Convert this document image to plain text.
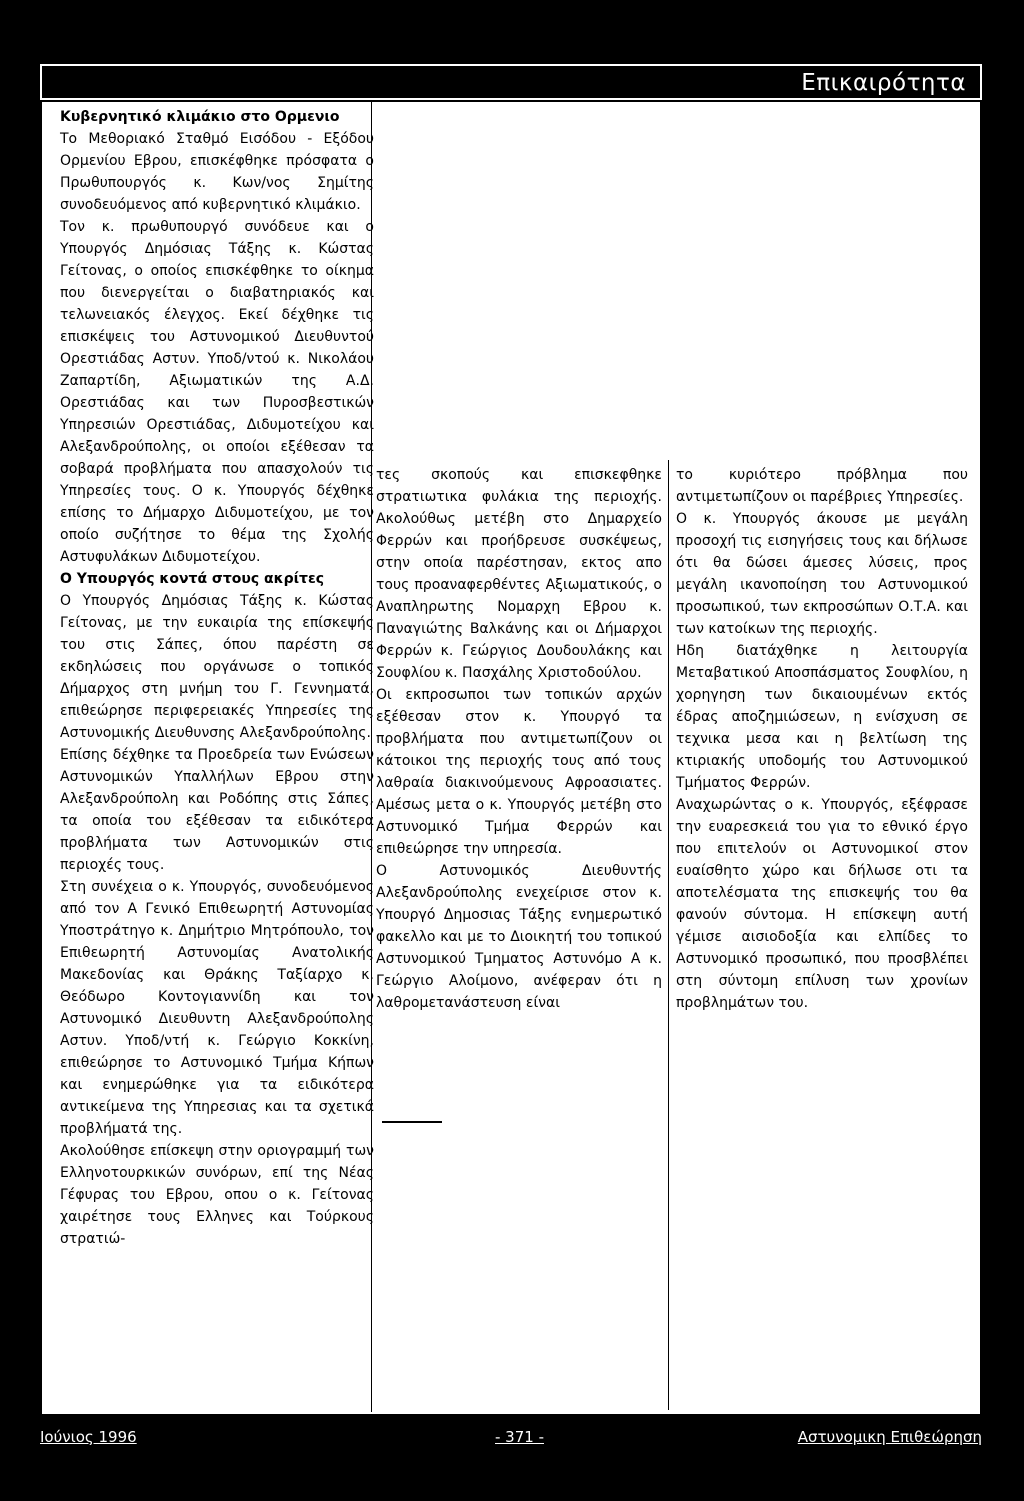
Επικαιρότητα

Κυβερνητικό κλιμάκιο στο Ορμενιο

Το Μεθοριακό Σταθμό Εισόδου - Εξόδου Ορμενίου Εβρου, επισκέφθηκε πρόσφατα ο Πρωθυπουργός κ. Κων/νος Σημίτης συνοδευόμενος από κυβερνητικό κλιμάκιο.

Τον κ. πρωθυπουργό συνόδευε και ο Υπουργός Δημόσιας Τάξης κ. Κώστας Γείτονας, ο οποίος επισκέφθηκε το οίκημα που διενεργείται ο διαβατηριακός και τελωνειακός έλεγχος. Εκεί δέχθηκε τις επισκέψεις του Αστυνομικού Διευθυντού Ορεστιάδας Αστυν. Υποδ/ντού κ. Νικολάου Ζαπαρτίδη, Αξιωματικών της Α.Δ. Ορεστιάδας και των Πυροσβεστικών Υπηρεσιών Ορεστιάδας, Διδυμοτείχου και Αλεξανδρούπολης, οι οποίοι εξέθεσαν τα σοβαρά προβλήματα που απασχολούν τις Υπηρεσίες τους. Ο κ. Υπουργός δέχθηκε επίσης το Δήμαρχο Διδυμοτείχου, με τον οποίο συζήτησε το θέμα της Σχολής Αστυφυλάκων Διδυμοτείχου.

Ο Υπουργός κοντά στους ακρίτες

Ο Υπουργός Δημόσιας Τάξης κ. Κώστας Γείτονας, με την ευκαιρία της επίσκεψής του στις Σάπες, όπου παρέστη σε εκδηλώσεις που οργάνωσε ο τοπικός Δήμαρχος στη μνήμη του Γ. Γεννηματά, επιθεώρησε περιφερειακές Υπηρεσίες της Αστυνομικής Διευθυνσης Αλεξανδρούπολης.

Επίσης δέχθηκε τα Προεδρεία των Ενώσεων Αστυνομικών Υπαλλήλων Εβρου στην Αλεξανδρούπολη και Ροδόπης στις Σάπες, τα οποία του εξέθεσαν τα ειδικότερα προβλήματα των Αστυνομικών στις περιοχές τους.

Στη συνέχεια ο κ. Υπουργός, συνοδευόμενος από τον Α Γενικό Επιθεωρητή Αστυνομίας Υποστράτηγο κ. Δημήτριο Μητρόπουλο, τον Επιθεωρητή Αστυνομίας Ανατολικής Μακεδονίας και Θράκης Ταξίαρχο κ. Θεόδωρο Κοντογιαννίδη και τον Αστυνομικό Διευθυντη Αλεξανδρούπολης Αστυν. Υποδ/ντή κ. Γεώργιο Κοκκίνη, επιθεώρησε το Αστυνομικό Τμήμα Κήπων και ενημερώθηκε για τα ειδικότερα αντικείμενα της Υπηρεσιας και τα σχετικά προβλήματά της.

Ακολούθησε επίσκεψη στην οριογραμμή των Ελληνοτουρκικών συνόρων, επί της Νέας Γέφυρας του Εβρου, οπου ο κ. Γείτονας χαιρέτησε τους Ελληνες και Τούρκους στρατιώ-

τες σκοπούς και επισκεφθηκε στρατιωτικα φυλάκια της περιοχής. Ακολούθως μετέβη στο Δημαρχείο Φερρών και προήδρευσε συσκέψεως, στην οποία παρέστησαν, εκτος απο τους προαναφερθέντες Αξιωματικούς, ο Αναπληρωτης Νομαρχη Εβρου κ. Παναγιώτης Βαλκάνης και οι Δήμαρχοι Φερρών κ. Γεώργιος Δουδουλάκης και Σουφλίου κ. Πασχάλης Χριστοδούλου.

Οι εκπροσωποι των τοπικών αρχών εξέθεσαν στον κ. Υπουργό τα προβλήματα που αντιμετωπίζουν οι κάτοικοι της περιοχής τους από τους λαθραία διακινούμενους Αφροασιατες. Αμέσως μετα ο κ. Υπουργός μετέβη στο Αστυνομικό Τμήμα Φερρών και επιθεώρησε την υπηρεσία.

Ο Αστυνομικός Διευθυντής Αλεξανδρούπολης ενεχείρισε στον κ. Υπουργό Δημοσιας Τάξης ενημερωτικό φακελλο και με το Διοικητή του τοπικού Αστυνομικού Τμηματος Αστυνόμο Α κ. Γεώργιο Αλοίμονο, ανέφεραν ότι η λαθρομετανάστευση είναι

το κυριότερο πρόβλημα που αντιμετωπίζουν οι παρέβριες Υπηρεσίες.

Ο κ. Υπουργός άκουσε με μεγάλη προσοχή τις εισηγήσεις τους και δήλωσε ότι θα δώσει άμεσες λύσεις, προς μεγάλη ικανοποίηση του Αστυνομικού προσωπικού, των εκπροσώπων Ο.Τ.Α. και των κατοίκων της περιοχής.

Ηδη διατάχθηκε η λειτουργία Μεταβατικού Αποσπάσματος Σουφλίου, η χορηγηση των δικαιουμένων εκτός έδρας αποζημιώσεων, η ενίσχυση σε τεχνικα μεσα και η βελτίωση της κτιριακής υποδομής του Αστυνομικού Τμήματος Φερρών.

Αναχωρώντας ο κ. Υπουργός, εξέφρασε την ευαρεσκειά του για το εθνικό έργο που επιτελούν οι Αστυνομικοί στον ευαίσθητο χώρο και δήλωσε οτι τα αποτελέσματα της επισκεψής του θα φανούν σύντομα. Η επίσκεψη αυτή γέμισε αισιοδοξία και ελπίδες το Αστυνομικό προσωπικό, που προσβλέπει στη σύντομη επίλυση των χρονίων προβλημάτων του.

Ιούνιος 1996	- 371 -	Αστυνομικη Επιθεώρηση
